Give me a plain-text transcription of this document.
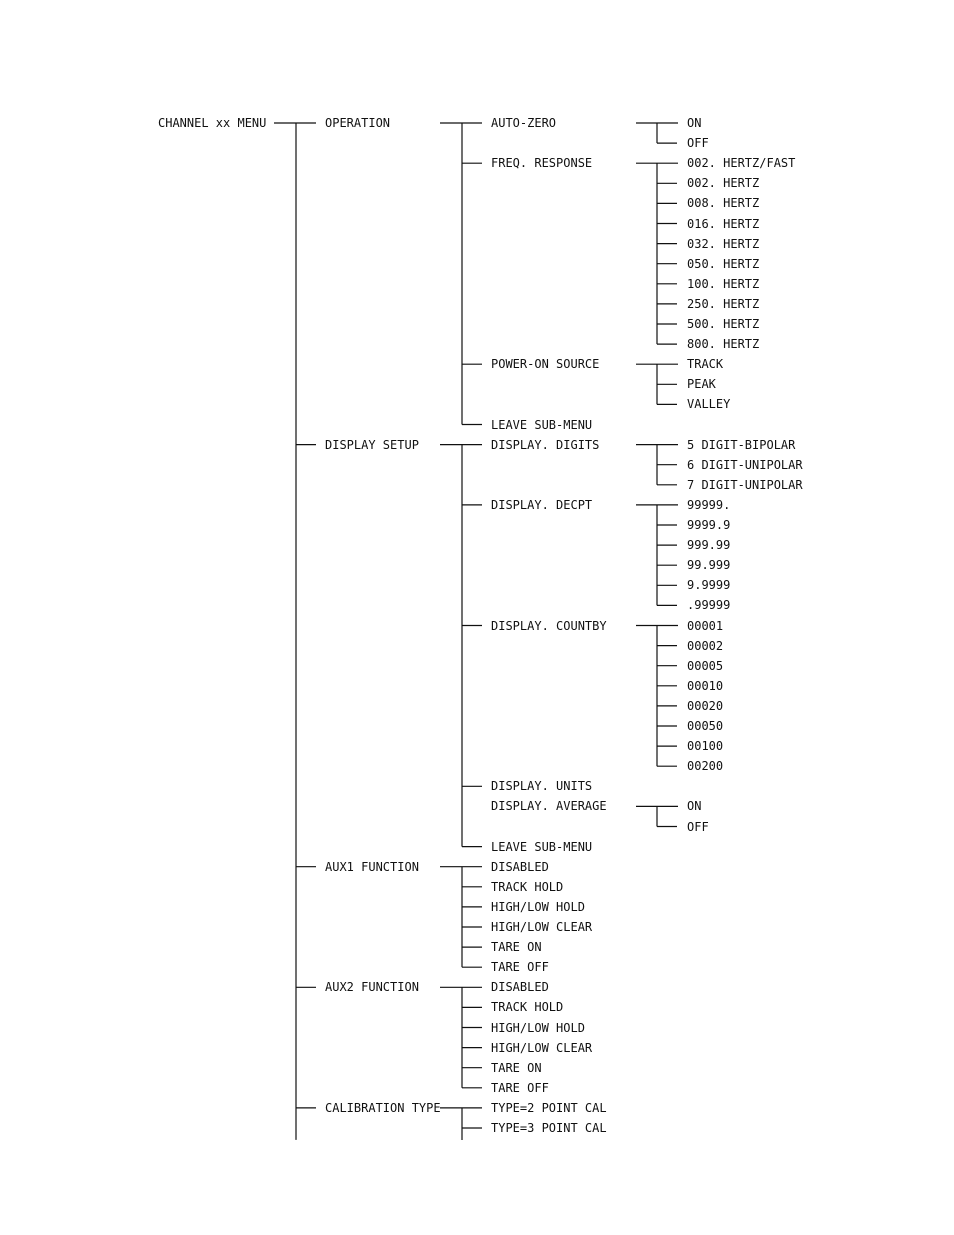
CHANNEL xx MENU	OPERATION	AUTO-ZERO	ON
OFF
FREQ. RESPONSE	002. HERTZ/FAST
002. HERTZ
008. HERTZ
016. HERTZ
032. HERTZ
050. HERTZ
100. HERTZ
250. HERTZ
500. HERTZ
800. HERTZ
POWER-ON SOURCE	TRACK
PEAK
VALLEY
LEAVE SUB-MENU
DISPLAY SETUP	DISPLAY. DIGITS	5 DIGIT-BIPOLAR
6 DIGIT-UNIPOLAR
7 DIGIT-UNIPOLAR
DISPLAY. DECPT	99999.
9999.9
999.99
99.999
9.9999
.99999
DISPLAY. COUNTBY	00001
00002
00005
00010
00020
00050
00100
00200
DISPLAY. UNITS
DISPLAY. AVERAGE	ON
OFF
LEAVE SUB-MENU
AUX1 FUNCTION	DISABLED
TRACK HOLD
HIGH/LOW HOLD
HIGH/LOW CLEAR
TARE ON
TARE OFF
AUX2 FUNCTION	DISABLED
TRACK HOLD
HIGH/LOW HOLD
HIGH/LOW CLEAR
TARE ON
TARE OFF
CALIBRATION TYPE	TYPE=2 POINT CAL
TYPE=3 POINT CAL
